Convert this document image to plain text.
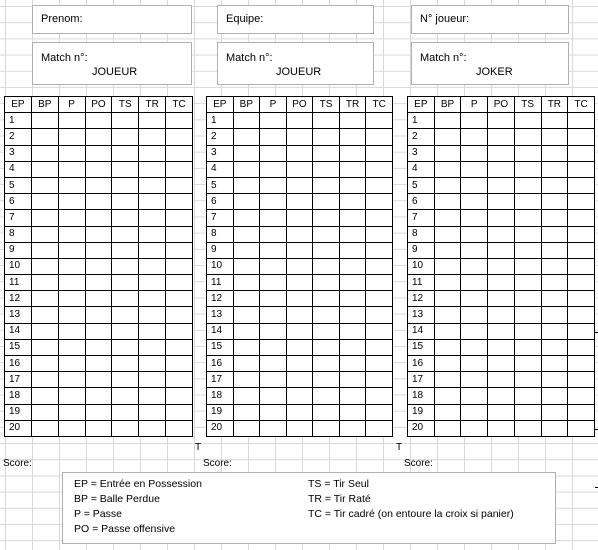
Prenom:	Equipe:	N° joueur:
Match n°:
JOUEUR
Match n°:
JOUEUR
Match n°:
JOKER
EP	BP	P	PO	TS	TR	TC
1						
2						
3						
4						
5						
6						
7						
8						
9						
10						
11						
12						
13						
14						
15						
16						
17						
18						
19						
20						
EP	BP	P	PO	TS	TR	TC
1						
2						
3						
4						
5						
6						
7						
8						
9						
10						
11						
12						
13						
14						
15						
16						
17						
18						
19						
20						
EP	BP	P	PO	TS	TR	TC
1						
2						
3						
4						
5						
6						
7						
8						
9						
10						
11						
12						
13						
14						
15						
16						
17						
18						
19						
20						
T	T
Score:	Score:	Score:
EP = Entrée en Possession
BP = Balle Perdue
P = Passe
PO = Passe offensive
TS = Tir Seul
TR = Tir Raté
TC = Tir cadré (on entoure la croix si panier)
